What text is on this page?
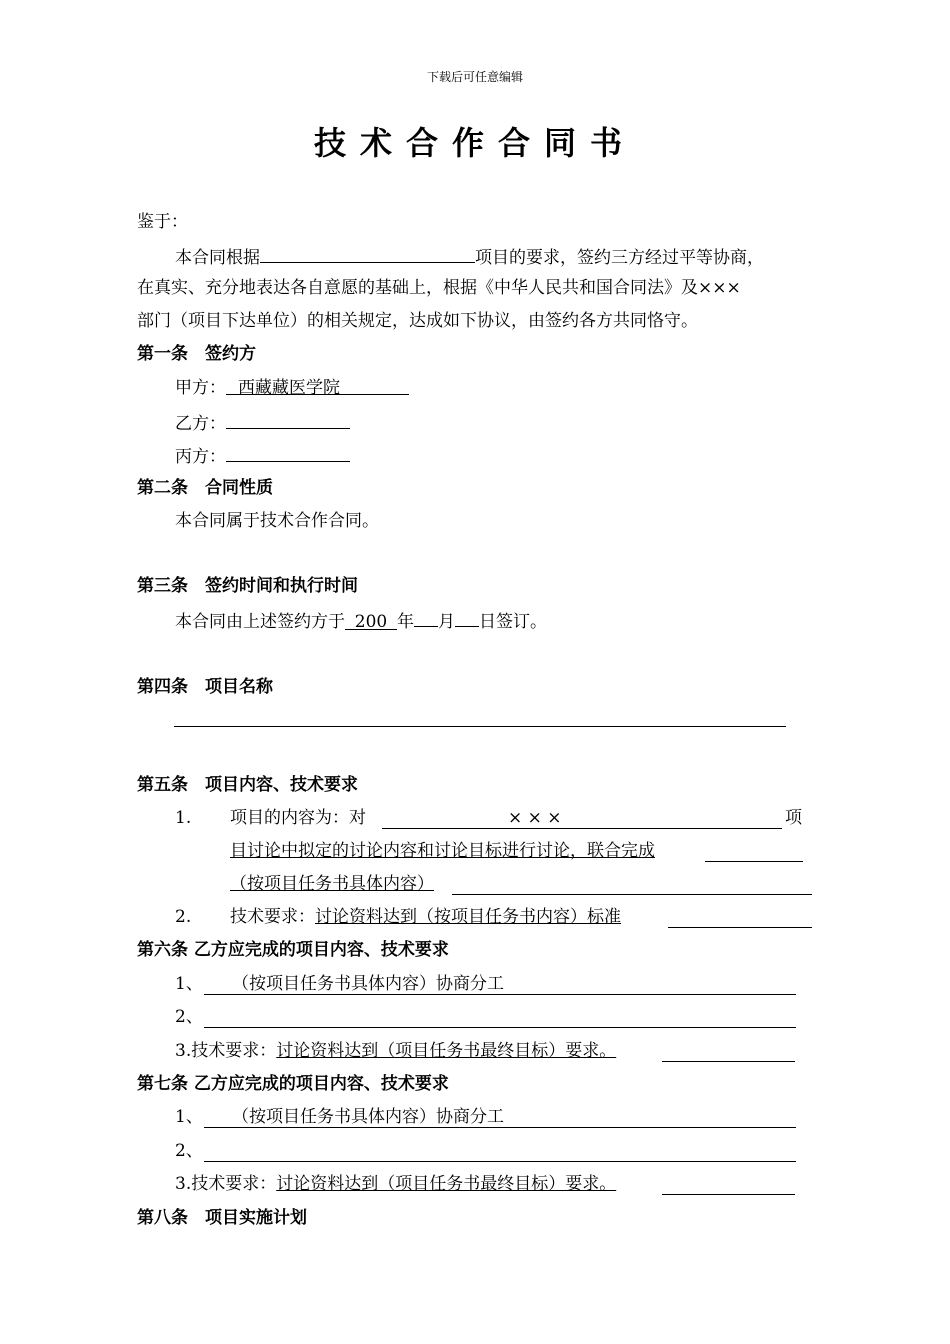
下载后可任意编辑
技术合作合同书
鉴于：
本合同根据	项目的要求，签约三方经过平等协商，
在真实、充分地表达各自意愿的基础上，根据《中华人民共和国合同法》及×××
部门（项目下达单位）的相关规定，达成如下协议，由签约各方共同恪守。
第一条　签约方
甲方： 西藏藏医学院
乙方：
丙方：
第二条　合同性质
本合同属于技术合作合同。
第三条　签约时间和执行时间
本合同由上述签约方于 200 年 月 日签订。
第四条　项目名称
第五条　项目内容、技术要求
1. 项目的内容为：对	× × ×	项
目讨论中拟定的讨论内容和讨论目标进行讨论，联合完成
（按项目任务书具体内容）
2. 技术要求：讨论资料达到（按项目任务书内容）标准
第六条 乙方应完成的项目内容、技术要求
1、 （按项目任务书具体内容）协商分工
2、
3.技术要求：讨论资料达到（项目任务书最终目标）要求。
第七条 乙方应完成的项目内容、技术要求
1、 （按项目任务书具体内容）协商分工
2、
3.技术要求：讨论资料达到（项目任务书最终目标）要求。
第八条　项目实施计划
